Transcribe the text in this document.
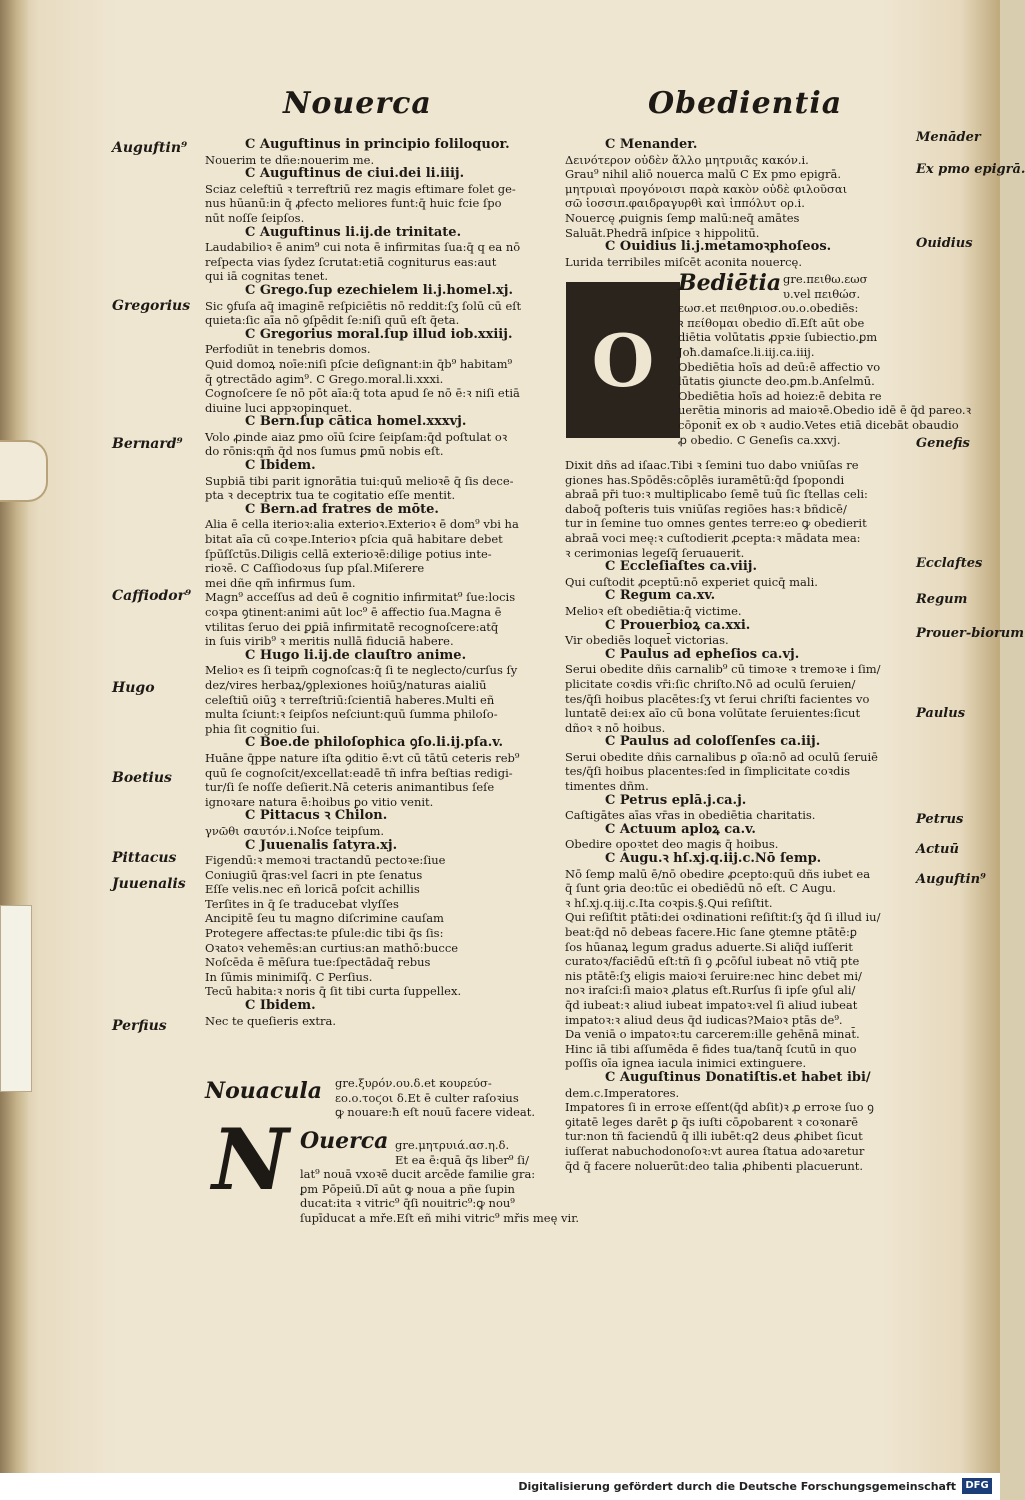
Nouerca	Obedientia
Auguftin⁹
Gregorius
Bernard⁹
Caffiodor⁹
Hugo
Boetius
Pittacus
Juuenalis
Perfius
Menāder
Ex pmo epigrā.
Ouidius
Genefis
Ecclaftes
Regum
Prouer-biorum
Paulus
Petrus
Actuū
Auguftin⁹

C Auguftinus in principio foliloquor.

Nouerim te dñe:nouerim me.

C Auguftinus de ciui.dei li.iiij.

Sciaz celeftiū ꝛ terreftriū rez magis eftimare folet ge-

nus hūanū:in q̄ ꝓfecto meliores funt:q̄ huic fcie ſpo

nūt noſſe ſeipſos.

C Auguftinus li.ij.de trinitate.

Laudabilioꝛ ē anim⁹ cui nota ē infirmitas ſua:q̄ q ea nō

reſpecta vias ſydez ſcrutat:etiā cogniturus eas:aut

qui iā cognitas tenet.

C Grego.ſup ezechielem li.j.homel.xj.

Sic ꝯfuſa aq̄ imaginē reſpiciētis nō reddit:ſʒ ſolū cū eſt

quieta:ſic aīa nō ꝯſpēdit ſe:niſi quū eſt q̄eta.

C Gregorius moral.ſup illud iob.xxiij.

Perfodiūt in tenebris domos.

Quid domoꝝ noīe:niſi pſcie deſignant:in q̄b⁹ habitam⁹

q̄ ꝯtrectādo agim⁹. C Grego.moral.li.xxxi.

Cognoſcere ſe nō pōt aīa:q̄ tota apud ſe nō ē:ꝛ niſi etiā

diuine luci appꝛopinquet.

C Bern.ſup cātica homel.xxxvj.

Volo ꝓinde aiaz ꝑmo oīū ſcire ſeipſam:q̄d poſtulat oꝛ

do rōnis:qm̄ q̄d nos ſumus ꝑmū nobis eſt.

C Ibidem.

Supbiā tibi parit ignorātia tui:quū melioꝛē q̄ ſis dece-

pta ꝛ deceptrix tua te cogitatio eſſe mentit.

C Bern.ad fratres de mōte.

Alia ē cella iterioꝛ:alia exterioꝛ.Exterioꝛ ē dom⁹ vbi ha

bitat aīa cū coꝛpe.Interioꝛ pſcia quā habitare debet

ſpūſſctūs.Diligis cellā exterioꝛē:dilige potius inte-

rioꝛē. C Caſſiodoꝛus ſup pſal.Miſerere

mei dñe qm̄ infirmus ſum.

Magn⁹ acceſſus ad deū ē cognitio infirmitat⁹ ſue:locis

coꝛpa ꝯtinent:animi aūt loc⁹ ē affectio ſua.Magna ē

vtilitas ſeruo dei ꝑꝑiā infirmitatē recognoſcere:atq̄

in ſuis virib⁹ ꝛ meritis nullā fiduciā habere.

C Hugo li.ij.de clauſtro anime.

Melioꝛ es ſi teipm̄ cognoſcas:q̄ ſi te neglecto/curſus ſy

dez/vires herbaꝝ/ꝯplexiones hoiūꝫ/naturas aialiū

celeſtiū oiūꝫ ꝛ terreſtriū:ſcientiā haberes.Multi eñ

multa ſciunt:ꝛ ſeipſos neſciunt:quū ſumma philoſo-

phia ſit cognitio ſui.

C Boe.de philoſophica ꝯſo.li.ij.pſa.v.

Huāne q̄ppe nature iſta ꝯditio ē:vt cū tātū ceteris reb⁹

quū ſe cognoſcit/excellat:eadē tñ infra beſtias redigi-

tur/ſi ſe noſſe deſierit.Nā ceteris animantibus ſeſe

ignoꝛare natura ē:hoibus ꝑo vitio venit.

C Pittacus ꝛ Chilon.

γνῶθι σαυτόν.i.Noſce teipſum.

C Juuenalis ſatyra.xj.

Figendū:ꝛ memoꝛi tractandū pectoꝛe:ſiue

Coniugiū q̄ras:vel ſacri in pte ſenatus

Eſſe velis.nec eñ loricā poſcit achillis

Terſites in q̄ ſe traducebat vlyſſes

Ancipitē ſeu tu magno diſcrimine cauſam

Protegere affectas:te pſule:dic tibi q̄s ſis:

Oꝛatoꝛ vehemēs:an curtius:an mathō:bucce

Noſcēda ē mēſura tue:ſpectādaq̄ rebus

In ſūmis minimiſq̄. C Perſius.

Tecū habita:ꝛ noris q̄ ſit tibi curta ſuppellex.

C Ibidem.

Nec te queſieris extra.

Nouacula gre.ξυρόν.ου.δ.et κουρεύσ-

εο.ο.τοϛοι δ.Et ē culter raſoꝛius

ꝙ nouare:ħ eſt nouū facere videat.

N Ouerca gre.μητρυιά.ασ.η.δ.

Et ea ē:quā q̄s liber⁹ ſi/

lat⁹ nouā vxoꝛē ducit arcēde familie gra:

ꝑm Pōpeiū.Dī aūt ꝙ noua a pñe ſupin

ducat:ita ꝛ vitric⁹ q̄ſi nouitric⁹:ꝙ nou⁹

ſupīducat a mře.Eſt eñ mihi vitric⁹ mřis meę vir.

C Menander.

Δεινότερον οὐδὲν ἄλλο μητρυιᾶς κακόν.i.

Grau⁹ nihil aliō nouerca malū C Ex pmo epigrā.

μητρυιαὶ προγόνοισι παρὰ κακὸν οὐδὲ φιλοῦσαι

σῶ ἰοσσιπ.φαιδραγυρθὶ καὶ ἱππόλυτ ορ.i.

Nouercę ꝓuignis ſemꝑ malū:neq̄ amātes

Saluāt.Phedrā inſpice ꝛ hippolitū.

C Ouidius li.j.metamoꝛphoſeos.

Lurida terribiles miſcēt aconita nouercę.

O
Bediētia gre.πειθω.εωσ

υ.vel πειθώσ.

εωσ.et πειθηριοσ.ου.ο.obediēs:

ꝛ πείθομαι obedio dī.Eſt aūt obe

diētia volūtatis ꝓpꝛie ſubiectio.ꝑm

Joħ.damaſce.li.iij.ca.iiij.

Obediētia hoīs ad deū:ē affectio vo

lūtatis ꝯiuncte deo.ꝑm.b.Anſelmū.

Obediētia hoīs ad hoiez:ē debita re

uerētia minoris ad maioꝛē.Obedio idē ē q̄d pareo.ꝛ

cōponit̄ ex ob ꝛ audio.Vetes etiā dicebāt obaudio

ꝓ obedio. C Geneſis ca.xxvj.

Dixit dñs ad iſaac.Tibi ꝛ ſemini tuo dabo vniūſas re

giones has.Spōdēs:cōplēs iuramētū:q̄d ſpopondi

abraā pr̄i tuo:ꝛ multiplicabo ſemē tuū ſic ſtellas celi:

daboq̄ poſteris tuis vniūſas regiōes has:ꝛ bñdicē/

tur in ſemine tuo omnes gentes terre:eo ꝙ obedierit

abraā voci meę:ꝛ cuſtodierit ꝓcepta:ꝛ mādata mea:

ꝛ cerimonias legeſq̄ ſeruauerit.

C Eccleſiaſtes ca.viij.

Qui cuſtodit ꝓceptū:nō experiet quicq̄ mali.

C Regum ca.xv.

Melioꝛ eſt obediētia:q̄ victime.

C Prouerbioꝝ ca.xxi.

Vir obediēs loquet̄ victorias.

C Paulus ad epheſios ca.vj.

Serui obedite dñis carnalib⁹ cū timoꝛe ꝛ tremoꝛe i ſim/

plicitate coꝛdis vr̄i:ſic chriſto.Nō ad oculū ſeruien/

tes/q̄ſi hoibus placētes:ſʒ vt ſerui chriſti facientes vo

luntatē dei:ex aīo cū bona volūtate ſeruientes:ſicut

dñoꝛ ꝛ nō hoibus.

C Paulus ad coloſſenſes ca.iij.

Serui obedite dñis carnalibus ꝑ oīa:nō ad oculū ſeruiē

tes/q̄ſi hoibus placentes:ſed in ſimplicitate coꝛdis

timentes dñm.

C Petrus eplā.j.ca.j.

Caſtigātes aīas vr̄as in obediētia charitatis.

C Actuum aploꝝ ca.v.

Obedire opoꝛtet deo magis q̄ hoibus.

C Augu.ꝛ hſ.xj.q.iij.c.Nō ſemp.

Nō ſemꝑ malū ē/nō obedire ꝓcepto:quū dñs iubet ea

q̄ ſunt ꝯria deo:tūc ei obediēdū nō eſt. C Augu.

ꝛ hſ.xj.q.iij.c.Ita coꝛpis.§.Qui reſiſtit.

Qui reſiſtit ptāti:dei oꝛdinationi reſiſtit:ſʒ q̄d ſi illud iu/

beat:q̄d nō debeas facere.Hic ſane ꝯtemne ptātē:ꝑ

ſos hūanaꝝ legum gradus aduerte.Si aliq̄d iuſſerit

curatoꝛ/faciēdū eſt:tñ ſi ꝯ ꝓcōſul iubeat nō vtiq̄ pte

nis ptātē:ſʒ eligis maioꝛi ſeruire:nec hinc debet mi/

noꝛ iraſci:ſi maioꝛ ꝓlatus eſt.Rurſus ſi ipſe ꝯſul ali/

q̄d iubeat:ꝛ aliud iubeat impatoꝛ:vel ſi aliud iubeat

impatoꝛ:ꝛ aliud deus q̄d iudicas?Maioꝛ ptās de⁹.

Da veniā o impatoꝛ:tu carcerem:ille gehēnā minat̄.

Hinc iā tibi aſſumēda ē fides tua/tanq̄ ſcutū in quo

poſſis oīa ignea iacula inimici extinguere.

C Auguſtinus Donatiſtis.et habet ibi/

dem.c.Imperatores.

Impatores ſi in erroꝛe eſſent(q̄d abſit)ꝛ ꝓ erroꝛe ſuo ꝯ

ꝯitatē leges darēt ꝑ q̄s iuſti cōꝓobarent ꝛ coꝛonarē

tur:non tñ faciendū q̄ illi iubēt:q2 deus ꝓhibet ſicut

iuſſerat nabuchodonoſoꝛ:vt aurea ſtatua adoꝛaretur

q̄d q̄ facere noluerūt:deo talia ꝓhibenti placuerunt.

Digitalisierung gefördert durch die Deutsche Forschungsgemeinschaft DFG
